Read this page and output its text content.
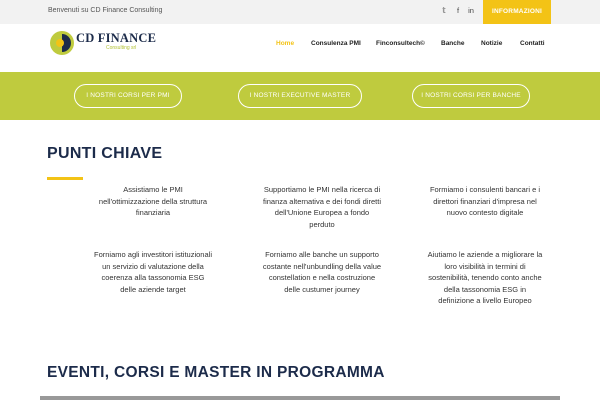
Benvenuti su CD Finance Consulting	𝕥	f	in	INFORMAZIONI
CD FINANCE
Consulting srl
Home	Consulenza PMI Finconsultech© Banche	Notizie	Contatti
I NOSTRI CORSI PER PMI	I NOSTRI EXECUTIVE MASTER	I NOSTRI CORSI PER BANCHE
PUNTI CHIAVE
Assistiamo le PMI nell'ottimizzazione della struttura finanziaria
Supportiamo le PMI nella ricerca di finanza alternativa e dei fondi diretti dell'Unione Europea a fondo perduto
Formiamo i consulenti bancari e i direttori finanziari d'impresa nel nuovo contesto digitale
Forniamo agli investitori istituzionali un servizio di valutazione della coerenza alla tassonomia ESG delle aziende target
Forniamo alle banche un supporto costante nell'unbundling della value constellation e nella costruzione delle custumer journey
Aiutiamo le aziende a migliorare la loro visibilità in termini di sostenibilità, tenendo conto anche della tassonomia ESG in definizione a livello Europeo
EVENTI, CORSI E MASTER IN PROGRAMMA
